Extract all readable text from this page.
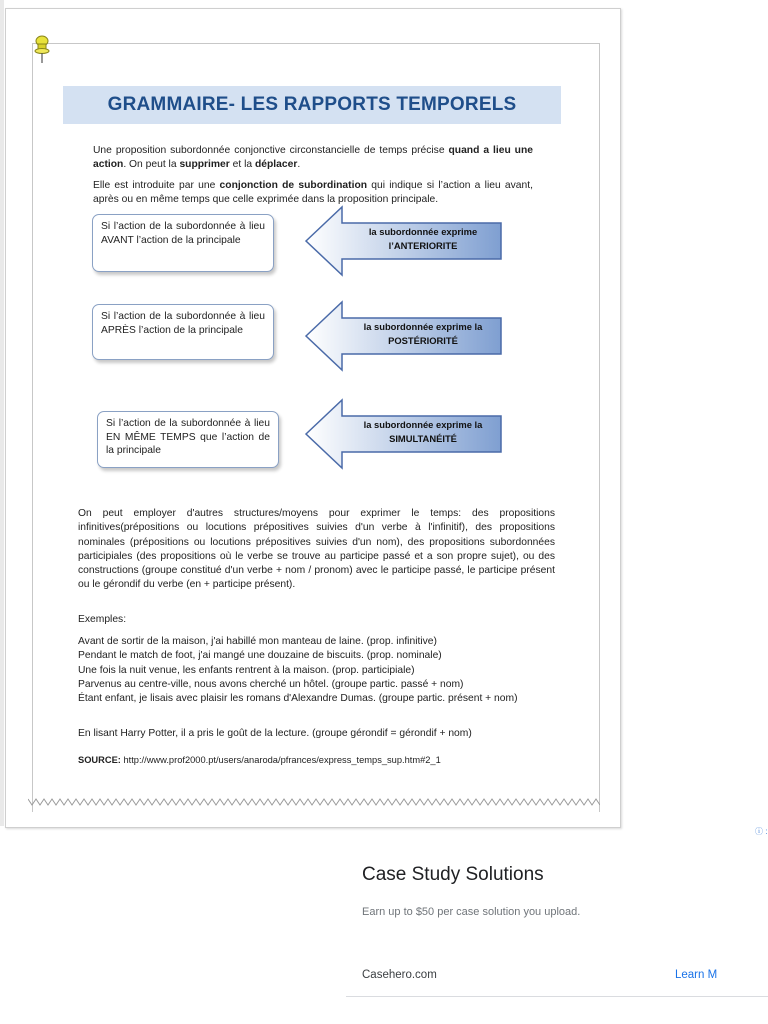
GRAMMAIRE- LES RAPPORTS TEMPORELS
Une proposition subordonnée conjonctive circonstancielle de temps précise quand a lieu une action. On peut la supprimer et la déplacer.
Elle est introduite par une conjonction de subordination qui indique si l’action a lieu avant, après ou en même temps que celle exprimée dans la proposition principale.
Si l’action de la subordonnée à lieu AVANT l’action de la principale
la subordonnée exprime
l’ANTERIORITE
Si l’action de la subordonnée à lieu APRÈS l’action de la principale	la subordonnée exprime la
POSTÉRIORITÉ
Si l’action de la subordonnée à lieu EN MÊME TEMPS que l’action de la principale
la subordonnée exprime la
SIMULTANÉITÉ

On peut employer d'autres structures/moyens pour exprimer le temps: des propositions infinitives(prépositions ou locutions prépositives suivies d'un verbe à l'infinitif), des propositions nominales (prépositions ou locutions prépositives suivies d'un nom), des propositions subordonnées participiales (des propositions où le verbe se trouve au participe passé et a son propre sujet), ou des constructions (groupe constitué d'un verbe + nom / pronom) avec le participe passé, le participe présent ou le gérondif du verbe (en + participe présent).

Exemples:

Avant de sortir de la maison, j'ai habillé mon manteau de laine. (prop. infinitive)

Pendant le match de foot, j'ai mangé une douzaine de biscuits. (prop. nominale)

Une fois la nuit venue, les enfants rentrent à la maison. (prop. participiale)

Parvenus au centre-ville, nous avons cherché un hôtel. (groupe partic. passé + nom)

Étant enfant, je lisais avec plaisir les romans d'Alexandre Dumas. (groupe partic. présent + nom)

En lisant Harry Potter, il a pris le goût de la lecture. (groupe gérondif = gérondif + nom)

SOURCE: http://www.prof2000.pt/users/anaroda/pfrances/express_temps_sup.htm#2_1

ⓘ :
Case Study Solutions
Earn up to $50 per case solution you upload.
Casehero.com	Learn M
